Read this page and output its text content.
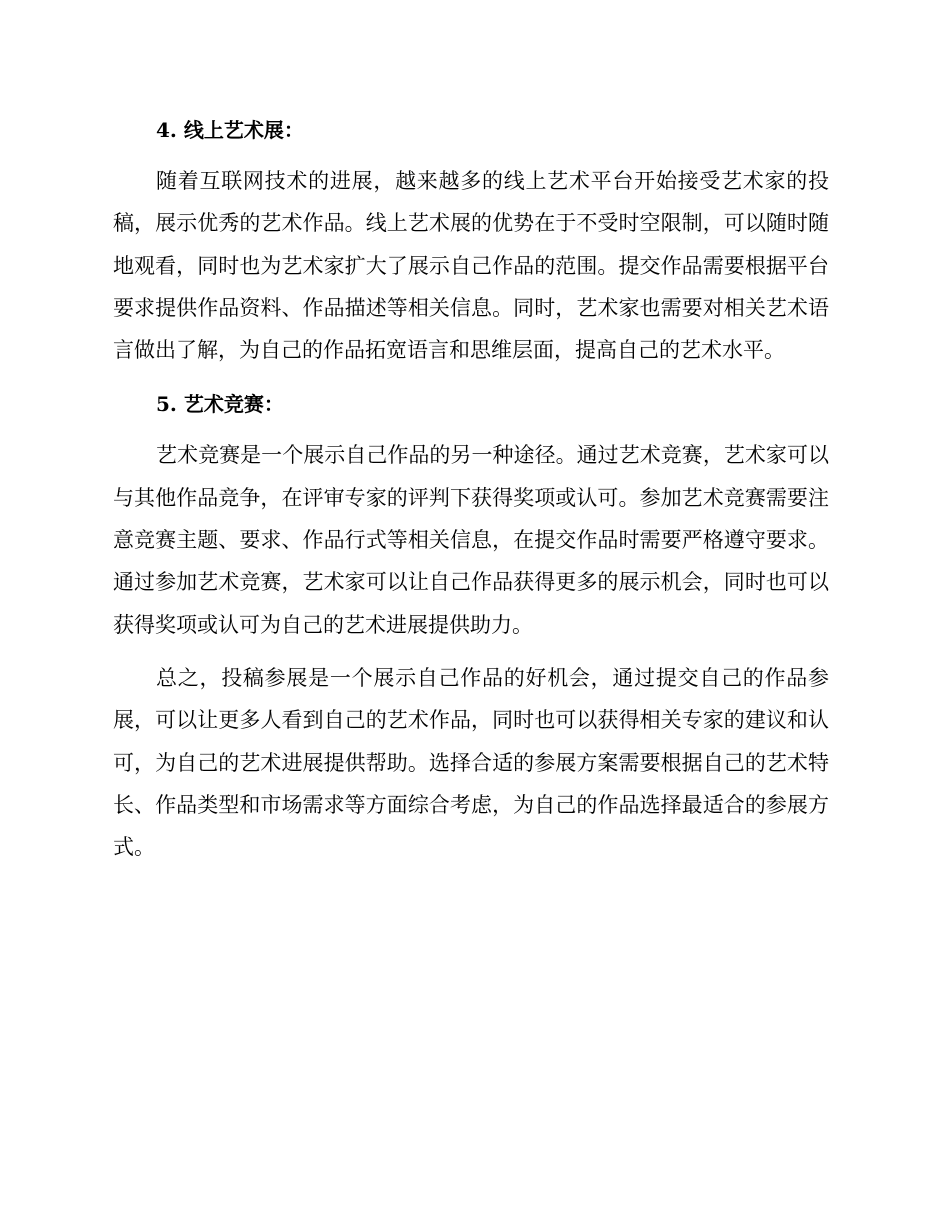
4. 线上艺术展：

随着互联网技术的进展，越来越多的线上艺术平台开始接受艺术家的投稿，展示优秀的艺术作品。线上艺术展的优势在于不受时空限制，可以随时随地观看，同时也为艺术家扩大了展示自己作品的范围。提交作品需要根据平台要求提供作品资料、作品描述等相关信息。同时，艺术家也需要对相关艺术语言做出了解，为自己的作品拓宽语言和思维层面，提高自己的艺术水平。

5. 艺术竞赛：

艺术竞赛是一个展示自己作品的另一种途径。通过艺术竞赛，艺术家可以与其他作品竞争，在评审专家的评判下获得奖项或认可。参加艺术竞赛需要注意竞赛主题、要求、作品行式等相关信息，在提交作品时需要严格遵守要求。通过参加艺术竞赛，艺术家可以让自己作品获得更多的展示机会，同时也可以获得奖项或认可为自己的艺术进展提供助力。

总之，投稿参展是一个展示自己作品的好机会，通过提交自己的作品参展，可以让更多人看到自己的艺术作品，同时也可以获得相关专家的建议和认可，为自己的艺术进展提供帮助。选择合适的参展方案需要根据自己的艺术特长、作品类型和市场需求等方面综合考虑，为自己的作品选择最适合的参展方式。
